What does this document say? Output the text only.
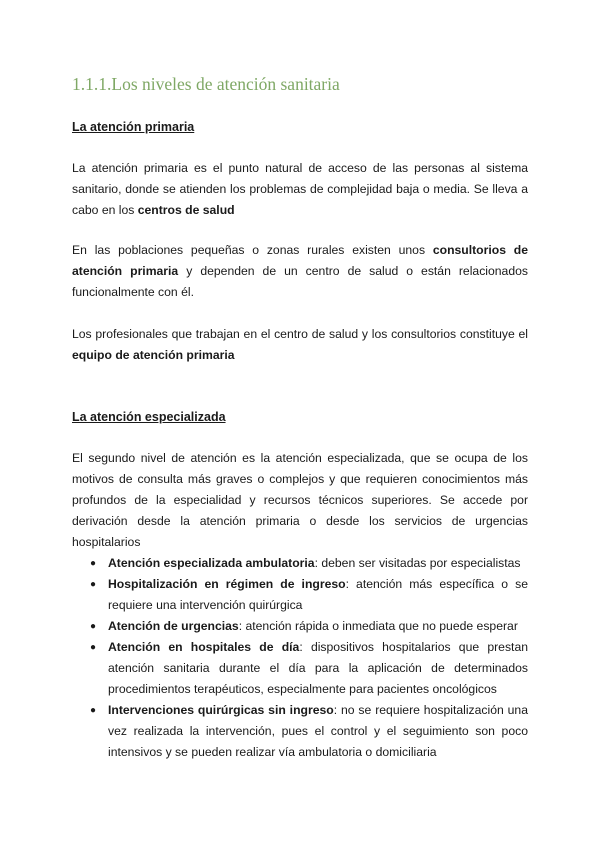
1.1.1.Los niveles de atención sanitaria
La atención primaria

La atención primaria es el punto natural de acceso de las personas al sistema sanitario, donde se atienden los problemas de complejidad baja o media. Se lleva a cabo en los centros de salud

En las poblaciones pequeñas o zonas rurales existen unos consultorios de atención primaria y dependen de un centro de salud o están relacionados funcionalmente con él.

Los profesionales que trabajan en el centro de salud y los consultorios constituye el equipo de atención primaria

La atención especializada

El segundo nivel de atención es la atención especializada, que se ocupa de los motivos de consulta más graves o complejos y que requieren conocimientos más profundos de la especialidad y recursos técnicos superiores. Se accede por derivación desde la atención primaria o desde los servicios de urgencias hospitalarios

● Atención especializada ambulatoria: deben ser visitadas por especialistas
● Hospitalización en régimen de ingreso: atención más específica o se requiere una intervención quirúrgica
● Atención de urgencias: atención rápida o inmediata que no puede esperar
● Atención en hospitales de día: dispositivos hospitalarios que prestan atención sanitaria durante el día para la aplicación de determinados procedimientos terapéuticos, especialmente para pacientes oncológicos
● Intervenciones quirúrgicas sin ingreso: no se requiere hospitalización una vez realizada la intervención, pues el control y el seguimiento son poco intensivos y se pueden realizar vía ambulatoria o domiciliaria
